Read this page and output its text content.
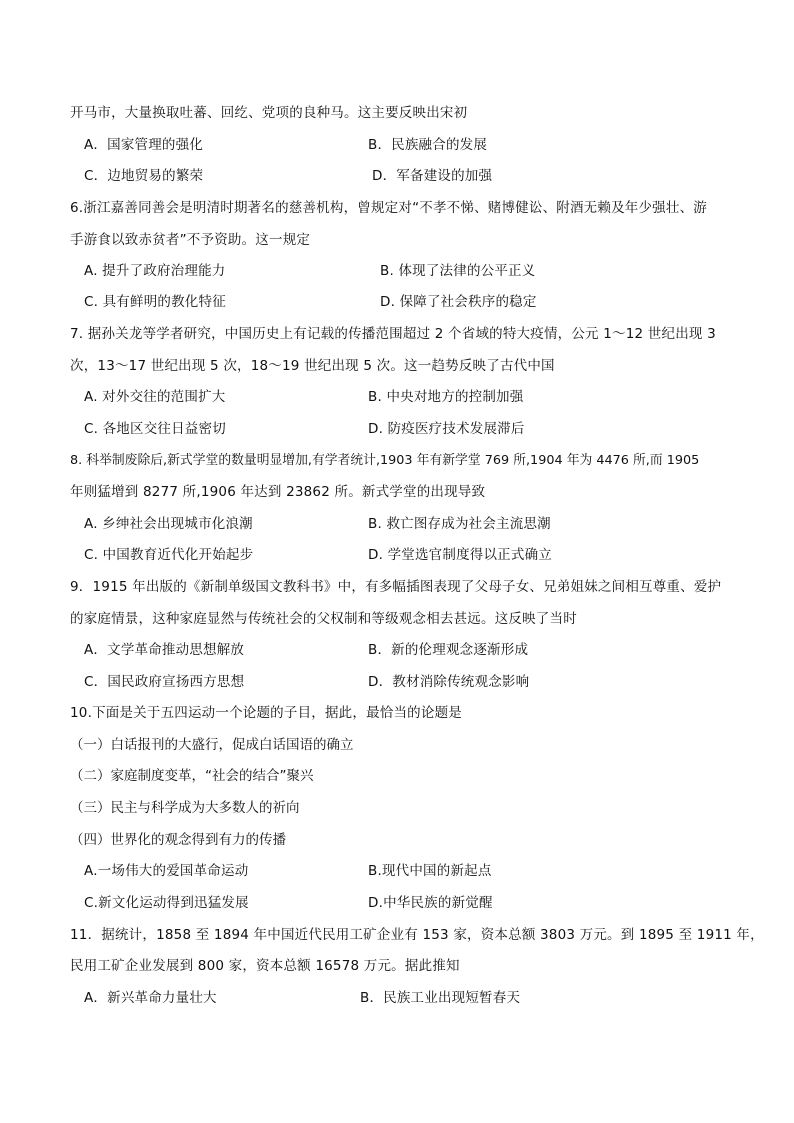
开马市，大量换取吐蕃、回纥、党项的良种马。这主要反映出宋初
A．国家管理的强化	B．民族融合的发展
C．边地贸易的繁荣	D．军备建设的加强
6.浙江嘉善同善会是明清时期著名的慈善机构，曾规定对“不孝不悌、赌博健讼、附酒无赖及年少强壮、游
手游食以致赤贫者”不予资助。这一规定
A. 提升了政府治理能力	B. 体现了法律的公平正义
C. 具有鲜明的教化特征	D. 保障了社会秩序的稳定
7. 据孙关龙等学者研究，中国历史上有记载的传播范围超过 2 个省域的特大疫情，公元 1～12 世纪出现 3
次，13～17 世纪出现 5 次，18～19 世纪出现 5 次。这一趋势反映了古代中国
A. 对外交往的范围扩大	B. 中央对地方的控制加强
C. 各地区交往日益密切	D. 防疫医疗技术发展滞后
8. 科举制废除后,新式学堂的数量明显增加,有学者统计,1903 年有新学堂 769 所,1904 年为 4476 所,而 1905
年则猛增到 8277 所,1906 年达到 23862 所。新式学堂的出现导致
A. 乡绅社会出现城市化浪潮	B. 救亡图存成为社会主流思潮
C. 中国教育近代化开始起步	D. 学堂选官制度得以正式确立
9．1915 年出版的《新制单级国文教科书》中，有多幅插图表现了父母子女、兄弟姐妹之间相互尊重、爱护
的家庭情景，这种家庭显然与传统社会的父权制和等级观念相去甚远。这反映了当时
A．文学革命推动思想解放	B．新的伦理观念逐渐形成
C．国民政府宣扬西方思想	D．教材消除传统观念影响
10.下面是关于五四运动一个论题的子目，据此，最恰当的论题是
（一）白话报刊的大盛行，促成白话国语的确立
（二）家庭制度变革，“社会的结合”聚兴
（三）民主与科学成为大多数人的祈向
（四）世界化的观念得到有力的传播
A.一场伟大的爱国革命运动	B.现代中国的新起点
C.新文化运动得到迅猛发展	D.中华民族的新觉醒
11．据统计，1858 至 1894 年中国近代民用工矿企业有 153 家，资本总额 3803 万元。到 1895 至 1911 年，
民用工矿企业发展到 800 家，资本总额 16578 万元。据此推知
A．新兴革命力量壮大	B．民族工业出现短暂春天
